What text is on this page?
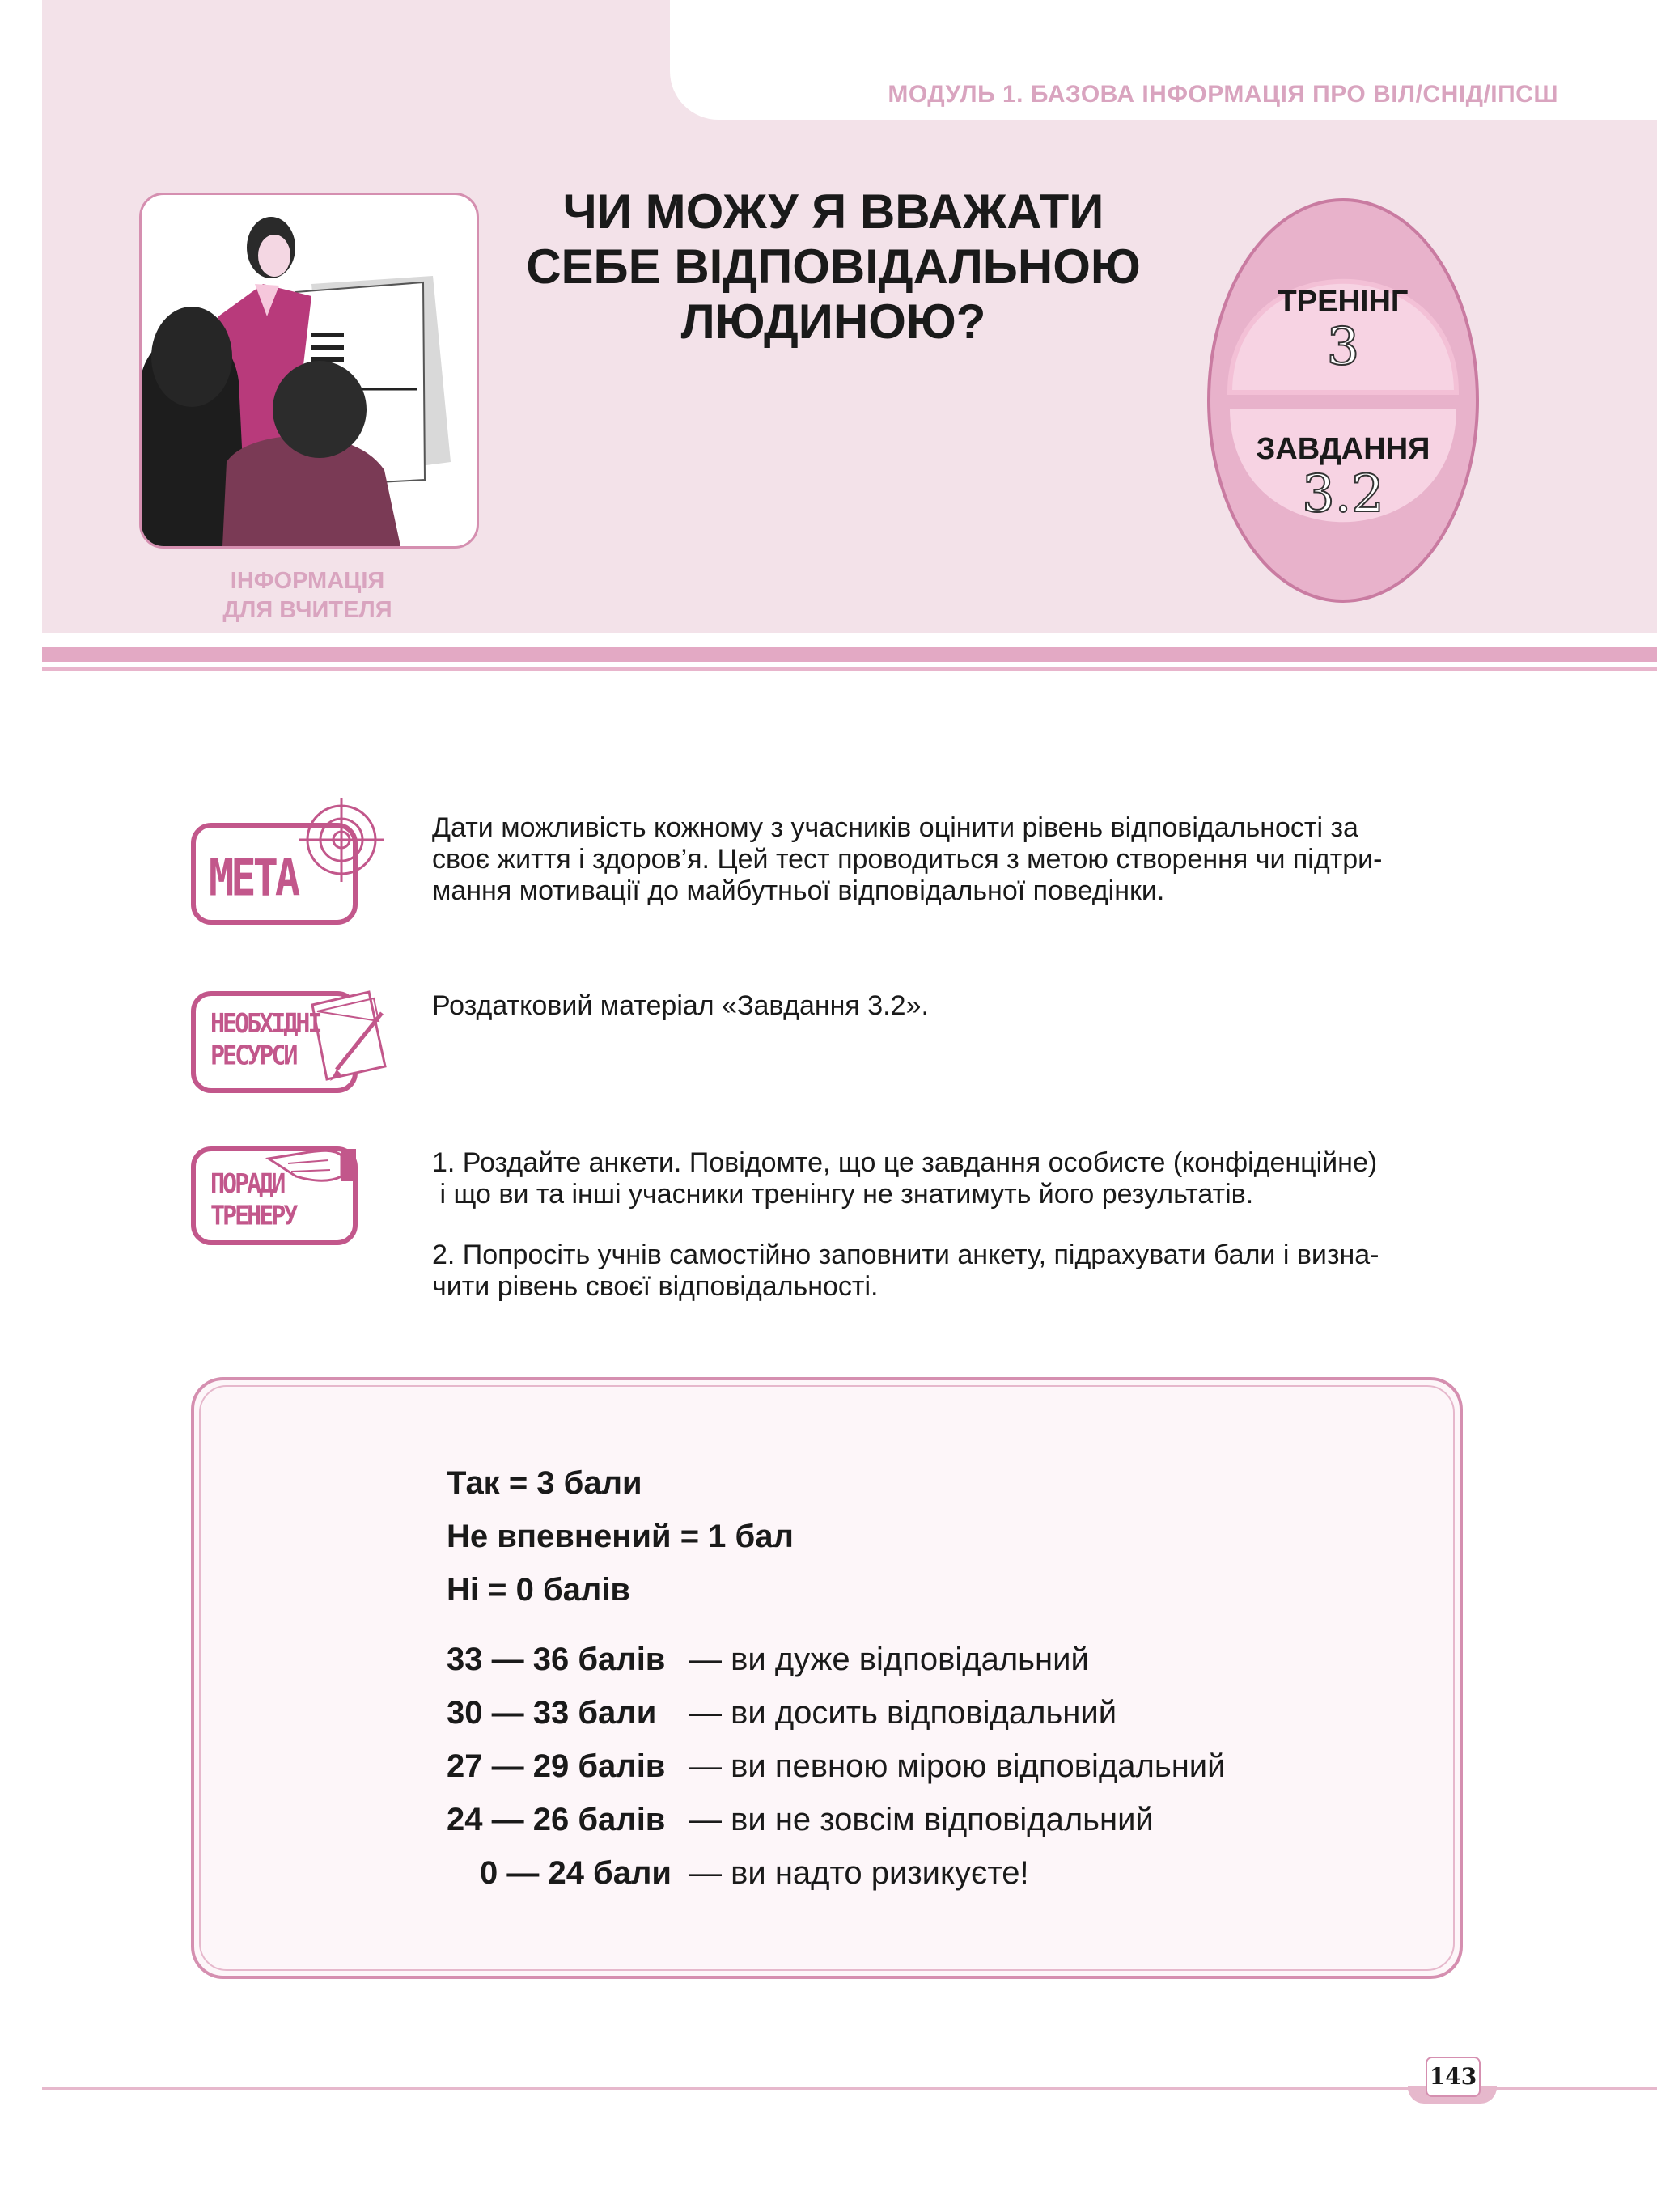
МОДУЛЬ 1. БАЗОВА ІНФОРМАЦІЯ ПРО ВІЛ/СНІД/ІПСШ
ІНФОРМАЦІЯ
ДЛЯ ВЧИТЕЛЯ
ЧИ МОЖУ Я ВВАЖАТИ
СЕБЕ ВІДПОВІДАЛЬНОЮ
ЛЮДИНОЮ?	ТРЕНІНГ
3
ЗАВДАННЯ
3.2
МЕТА

Дати можливість кожному з учасників оцінити рівень відповідальності за

своє життя і здоров’я. Цей тест проводиться з метою створення чи підтри-

мання мотивації до майбутньої відповідальної поведінки.

НЕОБХІДНІ
РЕСУРСИ

Роздатковий матеріал «Завдання 3.2».

ПОРАДИ
ТРЕНЕРУ

1. Роздайте анкети. Повідомте, що це завдання особисте (конфіденційне)

і що ви та інші учасники тренінгу не знатимуть його результатів.

2. Попросіть учнів самостійно заповнити анкету, підрахувати бали і визна-

чити рівень своєї відповідальності.

Так = 3 бали
Не впевнений = 1 бал
Ні = 0 балів
33 — 36 балів — ви дуже відповідальний
30 — 33 бали	— ви досить відповідальний
27 — 29 балів — ви певною мірою відповідальний
24 — 26 балів — ви не зовсім відповідальний
0 — 24 бали — ви надто ризикуєте!
143
